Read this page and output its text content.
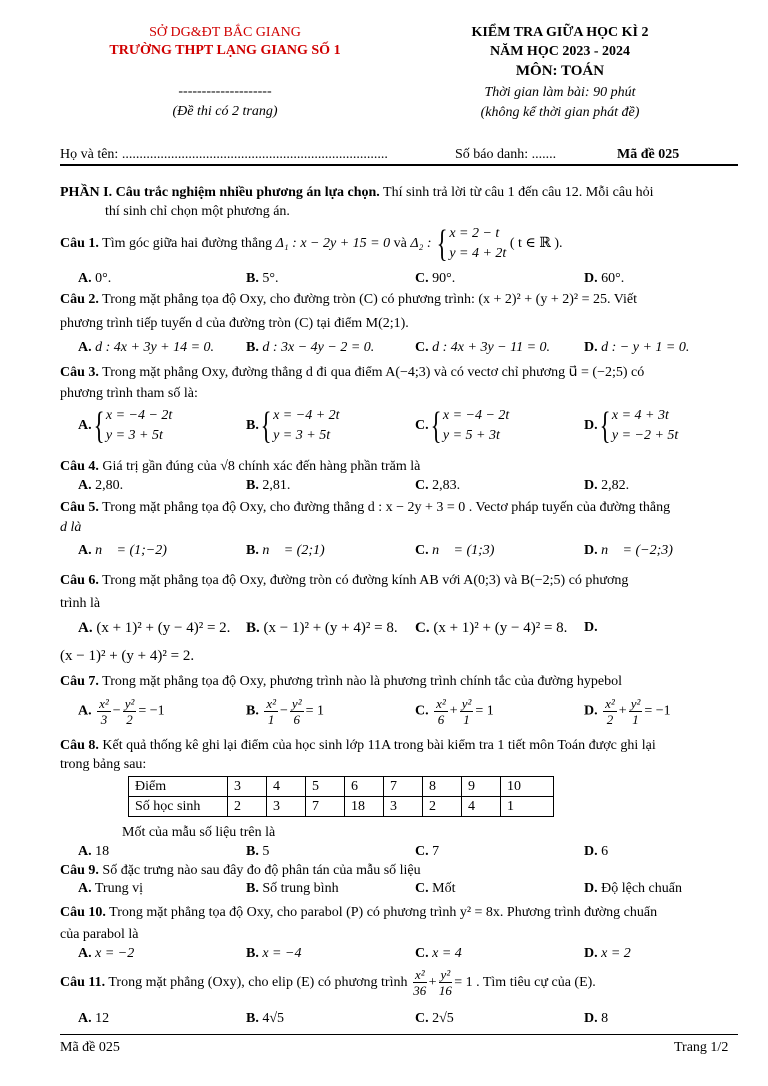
SỞ DG&ĐT BẮC GIANG
TRƯỜNG THPT LẠNG GIANG SỐ 1
--------------------
(Đề thi có 2 trang)
KIỂM TRA GIỮA HỌC KÌ 2
NĂM HỌC 2023 - 2024
MÔN: TOÁN
Thời gian làm bài: 90 phút
(không kể thời gian phát đề)
Họ và tên: ............................................................................	Số báo danh: .......	Mã đề 025
PHẦN I. Câu trắc nghiệm nhiều phương án lựa chọn. Thí sinh trả lời từ câu 1 đến câu 12. Mỗi câu hỏi
thí sinh chỉ chọn một phương án.
Câu 1. Tìm góc giữa hai đường thẳng Δ₁ : x − 2y + 15 = 0 và Δ₂ : { x = 2 − t
y = 4 + 2t
( t ∈ ℝ ).
A. 0°.	B. 5°.	C. 90°.	D. 60°.
Câu 2. Trong mặt phẳng tọa độ Oxy, cho đường tròn (C) có phương trình: (x + 2)² + (y + 2)² = 25. Viết
phương trình tiếp tuyến d của đường tròn (C) tại điểm M(2;1).
A. d : 4x + 3y + 14 = 0. B. d : 3x − 4y − 2 = 0.	C. d : 4x + 3y − 11 = 0. D. d : − y + 1 = 0.
Câu 3. Trong mặt phẳng Oxy, đường thẳng d đi qua điểm A(−4;3) và có vectơ chỉ phương u⃗ = (−2;5) có
phương trình tham số là:
A.{ x = −4 − 2t
y = 3 + 5t
B.{ x = −4 + 2t
y = 3 + 5t
C.{ x = −4 − 2t
y = 5 + 3t
D.{ x = 4 + 3t
y = −2 + 5t
Câu 4. Giá trị gần đúng của √8 chính xác đến hàng phần trăm là
A. 2,80.	B. 2,81.	C. 2,83.	D. 2,82.
Câu 5. Trong mặt phẳng tọa độ Oxy, cho đường thẳng d : x − 2y + 3 = 0 . Vectơ pháp tuyến của đường thẳng
d là
A. n⃗ = (1;−2)	B. n⃗ = (2;1)	C. n⃗ = (1;3)	D. n⃗ = (−2;3)
Câu 6. Trong mặt phẳng tọa độ Oxy, đường tròn có đường kính AB với A(0;3) và B(−2;5) có phương
trình là
A. (x + 1)² + (y − 4)² = 2. B. (x − 1)² + (y + 4)² = 8. C. (x + 1)² + (y − 4)² = 8. D.
(x − 1)² + (y + 4)² = 2.
Câu 7. Trong mặt phẳng tọa độ Oxy, phương trình nào là phương trình chính tắc của đường hypebol
A. $\frac{\text{x²}}{3} - \frac{\text{y²}}{2} = -1$	B. $\frac{\text{x²}}{1} - \frac{\text{y²}}{6} = 1$	C. $\frac{\text{x²}}{6} + \frac{\text{y²}}{1} = 1$	D. $\frac{\text{x²}}{2} + \frac{\text{y²}}{1} = -1$
Câu 8. Kết quả thống kê ghi lại điểm của học sinh lớp 11A trong bài kiểm tra 1 tiết môn Toán được ghi lại
trong bảng sau:
Điểm	3	4	5	6	7	8	9	10
Số học sinh	2	3	7	18	3	2	4	1
Mốt của mẫu số liệu trên là
A. 18	B. 5	C. 7	D. 6
Câu 9. Số đặc trưng nào sau đây đo độ phân tán của mẫu số liệu
A. Trung vị	B. Số trung bình	C. Mốt	D. Độ lệch chuẩn
Câu 10. Trong mặt phẳng tọa độ Oxy, cho parabol (P) có phương trình y² = 8x. Phương trình đường chuẩn
của parabol là
A. x = −2	B. x = −4	C. x = 4	D. x = 2
Câu 11. Trong mặt phẳng (Oxy), cho elip (E) có phương trình $\frac{\text{x²}}{36} + \frac{\text{y²}}{16} = 1$ . Tìm tiêu cự của (E).
A. 12	B. 4√5	C. 2√5	D. 8
Mã đề 025	Trang 1/2
